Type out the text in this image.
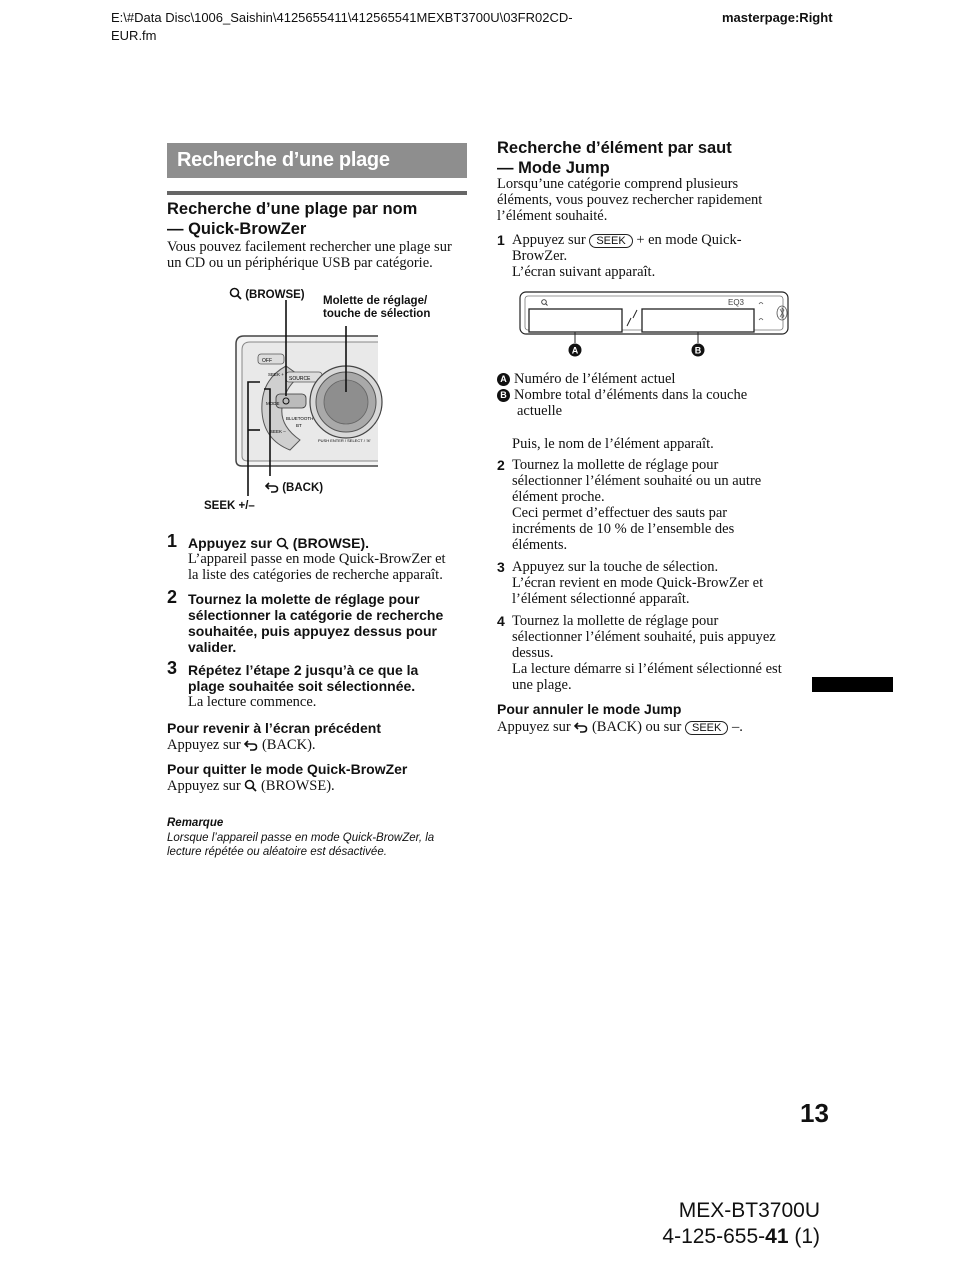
E:\#Data Disc\1006_Saishin\4125655411\412565541MEXBT3700U\03FR02CD-
EUR.fm
masterpage:Right
Recherche d’une plage
Recherche d’une plage par nom
— Quick-BrowZer
Vous pouvez facilement rechercher une plage sur
un CD ou un périphérique USB par catégorie.
OFF
SEEK +
SOURCE
MODE
BLUETOOTH
BT
SEEK –
PUSH ENTER / SELECT / ☏
(BROWSE) Molette de réglage/
touche de sélection
(BACK)
SEEK +/–
1 Appuyez sur (BROWSE).
L’appareil passe en mode Quick-BrowZer et
la liste des catégories de recherche apparaît.
2 Tournez la molette de réglage pour
sélectionner la catégorie de recherche
souhaitée, puis appuyez dessus pour
valider.
3 Répétez l’étape 2 jusqu’à ce que la
plage souhaitée soit sélectionnée.
La lecture commence.
Pour revenir à l’écran précédent
Appuyez sur (BACK).
Pour quitter le mode Quick-BrowZer
Appuyez sur (BROWSE).
Remarque
Lorsque l’appareil passe en mode Quick-BrowZer, la
lecture répétée ou aléatoire est désactivée.
Recherche d’élément par saut
— Mode Jump
Lorsqu’une catégorie comprend plusieurs
éléments, vous pouvez rechercher rapidement
l’élément souhaité.
1 Appuyez sur SEEK + en mode Quick-
BrowZer.
L’écran suivant apparaît.
EQ3
A	B
A Numéro de l’élément actuel
B Nombre total d’éléments dans la couche
actuelle
Puis, le nom de l’élément apparaît.
2 Tournez la mollette de réglage pour
sélectionner l’élément souhaité ou un autre
élément proche.
Ceci permet d’effectuer des sauts par
incréments de 10 % de l’ensemble des
éléments.
3 Appuyez sur la touche de sélection.
L’écran revient en mode Quick-BrowZer et
l’élément sélectionné apparaît.
4 Tournez la mollette de réglage pour
sélectionner l’élément souhaité, puis appuyez
dessus.
La lecture démarre si l’élément sélectionné est
une plage.
Pour annuler le mode Jump
Appuyez sur (BACK) ou sur SEEK –.
13
MEX-BT3700U
4-125-655-41 (1)
